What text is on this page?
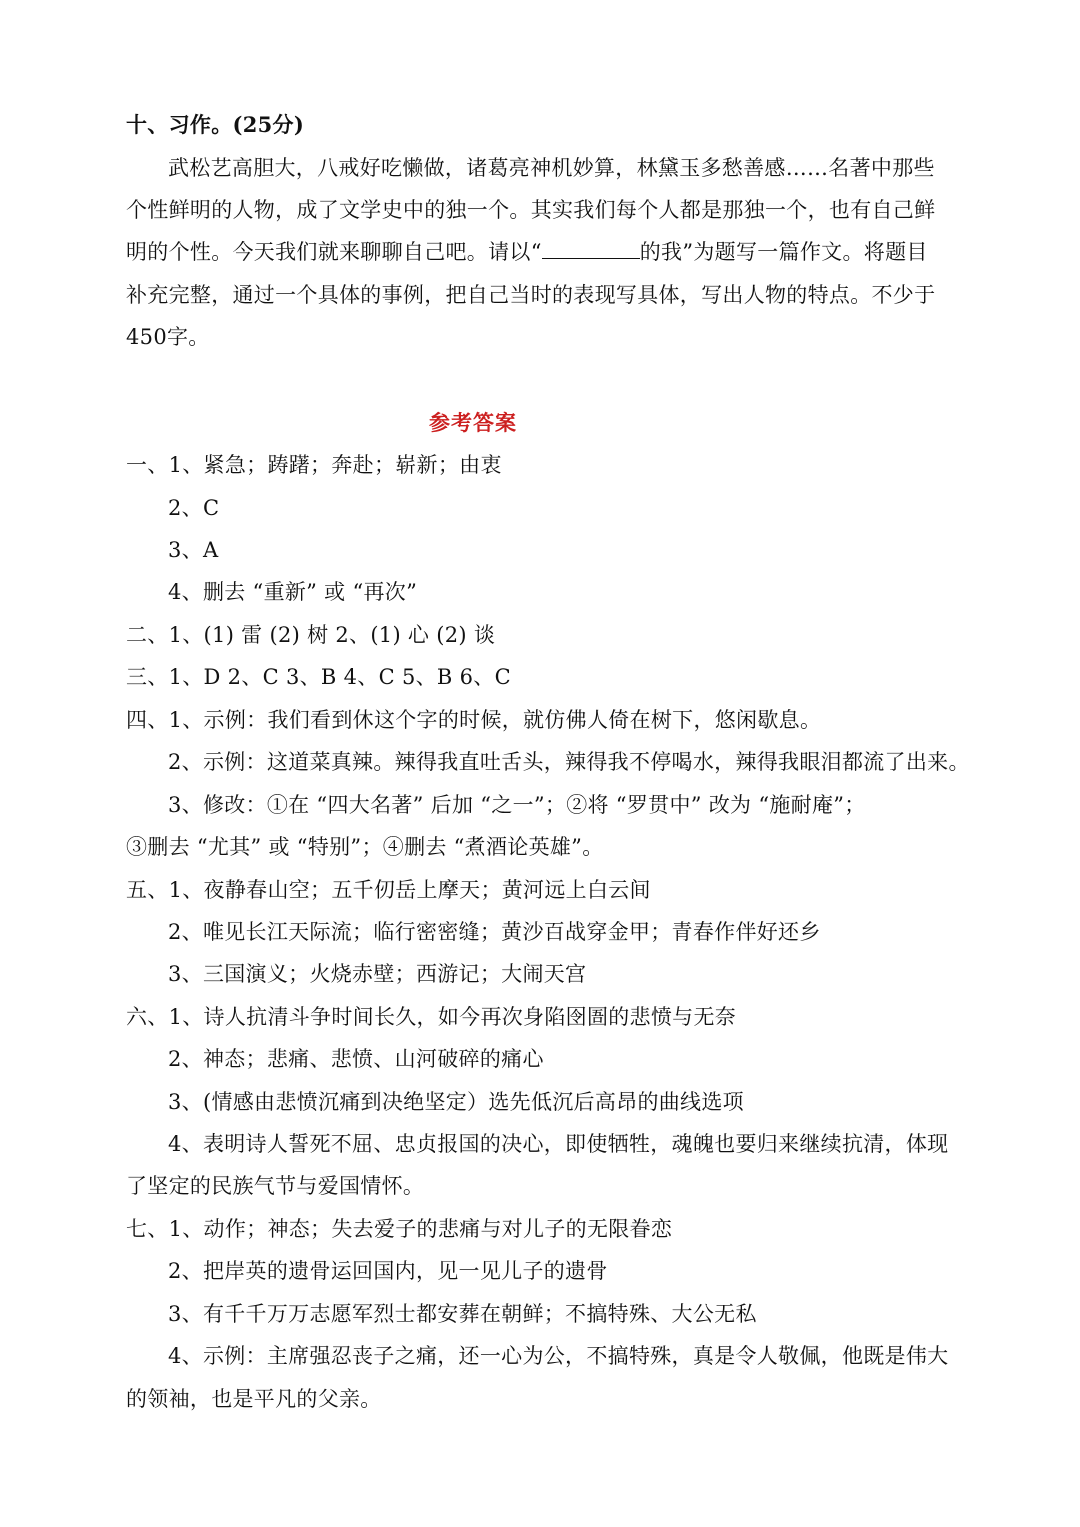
十、习作。(25分)
武松艺高胆大，八戒好吃懒做，诸葛亮神机妙算，林黛玉多愁善感……名著中那些
个性鲜明的人物，成了文学史中的独一个。其实我们每个人都是那独一个，也有自己鲜
明的个性。今天我们就来聊聊自己吧。请以“	的我”为题写一篇作文。将题目
补充完整，通过一个具体的事例，把自己当时的表现写具体，写出人物的特点。不少于
450字。
参考答案
一、1、紧急；踌躇；奔赴；崭新；由衷
2、C
3、A
4、删去 “重新” 或 “再次”
二、1、(1) 雷 (2) 树 2、(1) 心 (2) 谈
三、1、D 2、C 3、B 4、C 5、B 6、C
四、1、示例：我们看到休这个字的时候，就仿佛人倚在树下，悠闲歇息。
2、示例：这道菜真辣。辣得我直吐舌头，辣得我不停喝水，辣得我眼泪都流了出来。
3、修改：①在 “四大名著” 后加 “之一”；②将 “罗贯中” 改为 “施耐庵”；
③删去 “尤其” 或 “特别”；④删去 “煮酒论英雄”。
五、1、夜静春山空；五千仞岳上摩天；黄河远上白云间
2、唯见长江天际流；临行密密缝；黄沙百战穿金甲；青春作伴好还乡
3、三国演义；火烧赤壁；西游记；大闹天宫
六、1、诗人抗清斗争时间长久，如今再次身陷囹圄的悲愤与无奈
2、神态；悲痛、悲愤、山河破碎的痛心
3、(情感由悲愤沉痛到决绝坚定）选先低沉后高昂的曲线选项
4、表明诗人誓死不屈、忠贞报国的决心，即使牺牲，魂魄也要归来继续抗清，体现
了坚定的民族气节与爱国情怀。
七、1、动作；神态；失去爱子的悲痛与对儿子的无限眷恋
2、把岸英的遗骨运回国内，见一见儿子的遗骨
3、有千千万万志愿军烈士都安葬在朝鲜；不搞特殊、大公无私
4、示例：主席强忍丧子之痛，还一心为公，不搞特殊，真是令人敬佩，他既是伟大
的领袖，也是平凡的父亲。
